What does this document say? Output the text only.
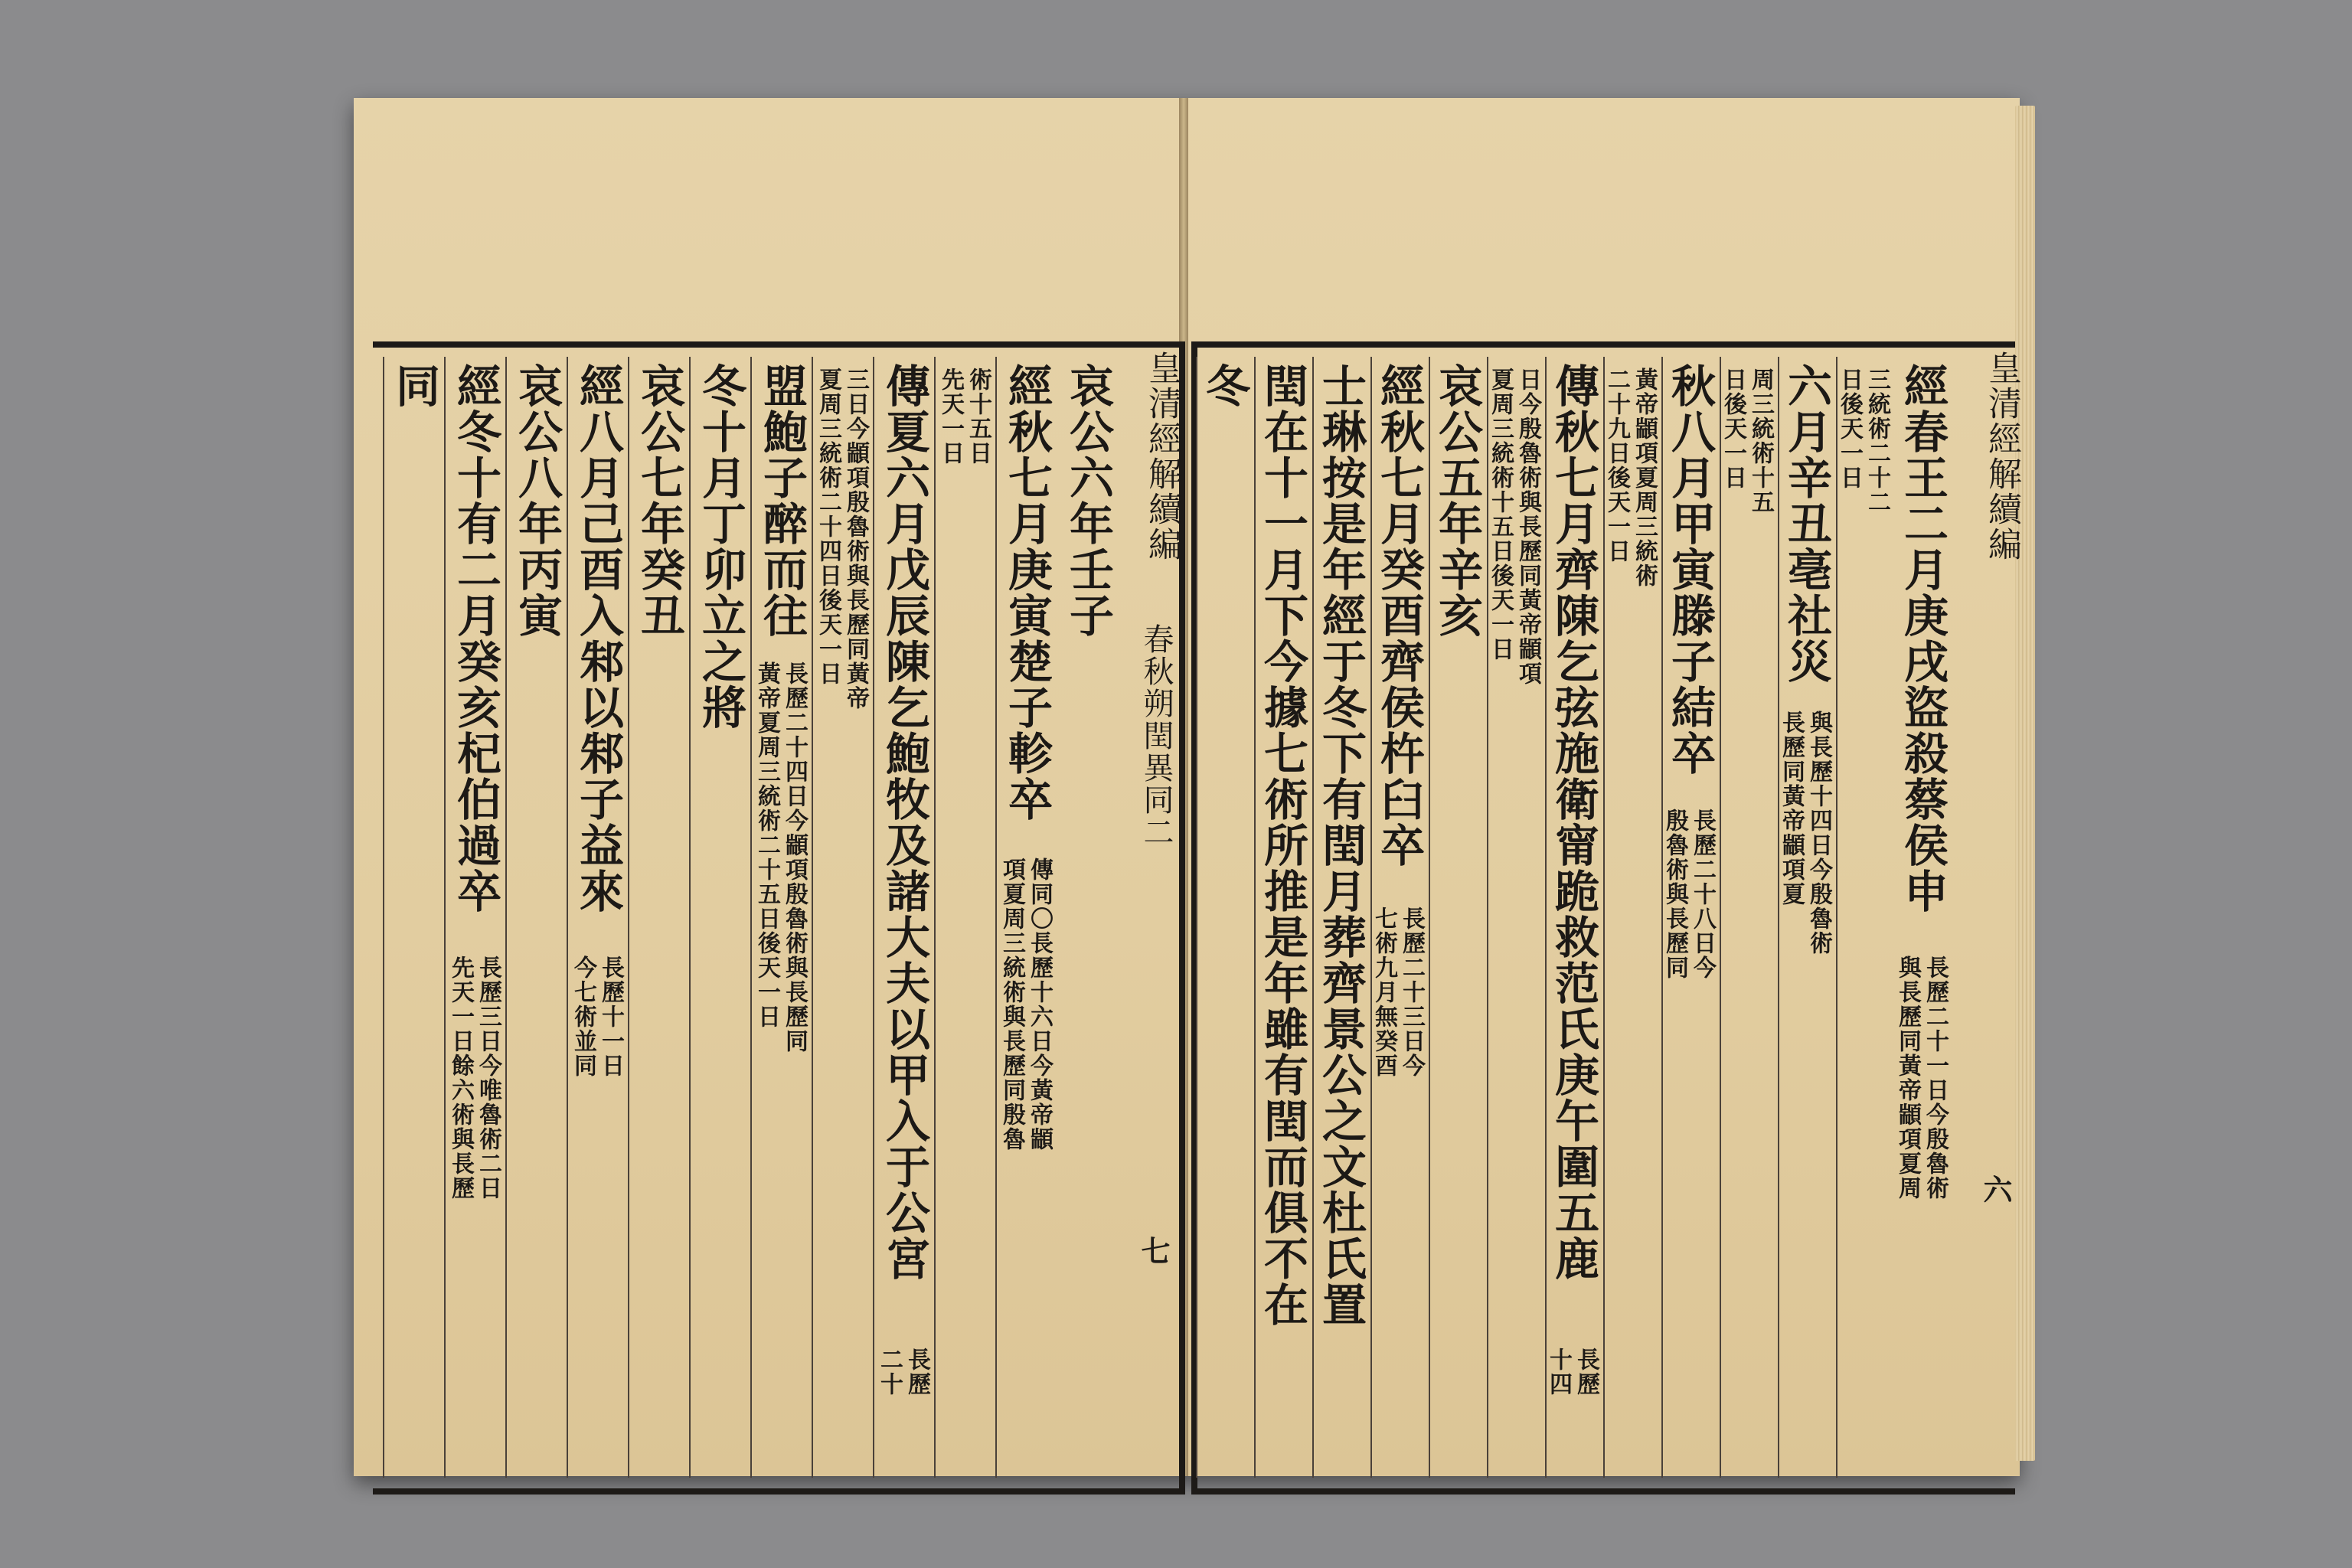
皇清經解續編
春秋朔閏異同二
七
哀公六年壬子
經秋七月庚寅楚子軫卒
傳同〇長歷十六日今黃帝顓
項夏周三統術與長歷同殷魯
術十五日
先天一日
傳夏六月戊辰陳乞鮑牧及諸大夫以甲入于公宮
長歷
二十
三日今顓項殷魯術與長歷同黃帝
夏周三統術二十四日後天一日
盟鮑子醉而往
長歷二十四日今顓項殷魯術與長歷同
黃帝夏周三統術二十五日後天一日
冬十月丁卯立之將
哀公七年癸丑
經八月己酉入邾以邾子益來
長歷十一日
今七術並同
哀公八年丙寅
經冬十有二月癸亥杞伯過卒
長歷三日今唯魯術二日
先天一日餘六術與長歷
同	皇清經解續編
六
經春王二月庚戌盜殺蔡侯申
長歷二十一日今殷魯術
與長歷同黃帝顓項夏周
三統術二十二
日後天一日
六月辛丑亳社災
與長歷十四日今殷魯術
長歷同黃帝顓項夏
周三統術十五
日後天一日
秋八月甲寅滕子結卒
長歷二十八日今
殷魯術與長歷同
黃帝顓項夏周三統術
二十九日後天一日
傳秋七月齊陳乞弦施衛甯跪救范氏庚午圍五鹿
長歷
十四
日今殷魯術與長歷同黃帝顓項
夏周三統術十五日後天一日
哀公五年辛亥
經秋七月癸酉齊侯杵臼卒
長歷二十三日今
七術九月無癸酉
士琳按是年經于冬下有閏月葬齊景公之文杜氏置
閏在十一月下今據七術所推是年雖有閏而俱不在
冬
